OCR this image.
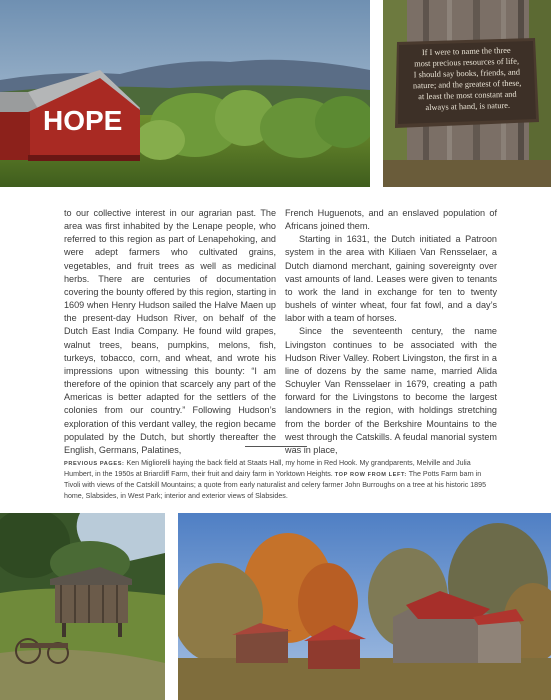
HOPE
If I were to name the three
most precious resources of life,
I should say books, friends, and
nature; and the greatest of these,
at least the most constant and
always at hand, is nature.

to our collective interest in our agrarian past. The area was first inhabited by the Lenape people, who referred to this region as part of Lenapehoking, and were adept farmers who cultivated grains, vegetables, and fruit trees as well as medicinal herbs. There are centuries of documentation covering the bounty offered by this region, starting in 1609 when Henry Hudson sailed the Halve Maen up the present-day Hudson River, on behalf of the Dutch East India Company. He found wild grapes, walnut trees, beans, pumpkins, melons, fish, turkeys, tobacco, corn, and wheat, and wrote his impressions upon witnessing this bounty: “I am therefore of the opinion that scarcely any part of the Americas is better adapted for the settlers of the colonies from our country.” Following Hudson’s exploration of this verdant valley, the region became populated by the Dutch, but shortly thereafter the English, Germans, Palatines,

French Huguenots, and an enslaved population of Africans joined them.

Starting in 1631, the Dutch initiated a Patroon system in the area with Kiliaen Van Rensselaer, a Dutch diamond merchant, gaining sovereignty over vast amounts of land. Leases were given to tenants to work the land in exchange for ten to twenty bushels of winter wheat, four fat fowl, and a day’s labor with a team of horses.

Since the seventeenth century, the name Livingston continues to be associated with the Hudson River Valley. Robert Livingston, the first in a line of dozens by the same name, married Alida Schuyler Van Rensselaer in 1679, creating a path forward for the Livingstons to become the largest landowners in the region, with holdings stretching from the border of the Berkshire Mountains to the west through the Catskills. A feudal manorial system was in place,

PREVIOUS PAGES: Ken Migliorelli haying the back field at Staats Hall, my home in Red Hook. My grandparents, Melville and Julia Humbert, in the 1950s at Briarcliff Farm, their fruit and dairy farm in Yorktown Heights. TOP ROW FROM LEFT: The Potts Farm barn in Tivoli with views of the Catskill Mountains; a quote from early naturalist and celery farmer John Burroughs on a tree at his historic 1895 home, Slabsides, in West Park; interior and exterior views of Slabsides.
